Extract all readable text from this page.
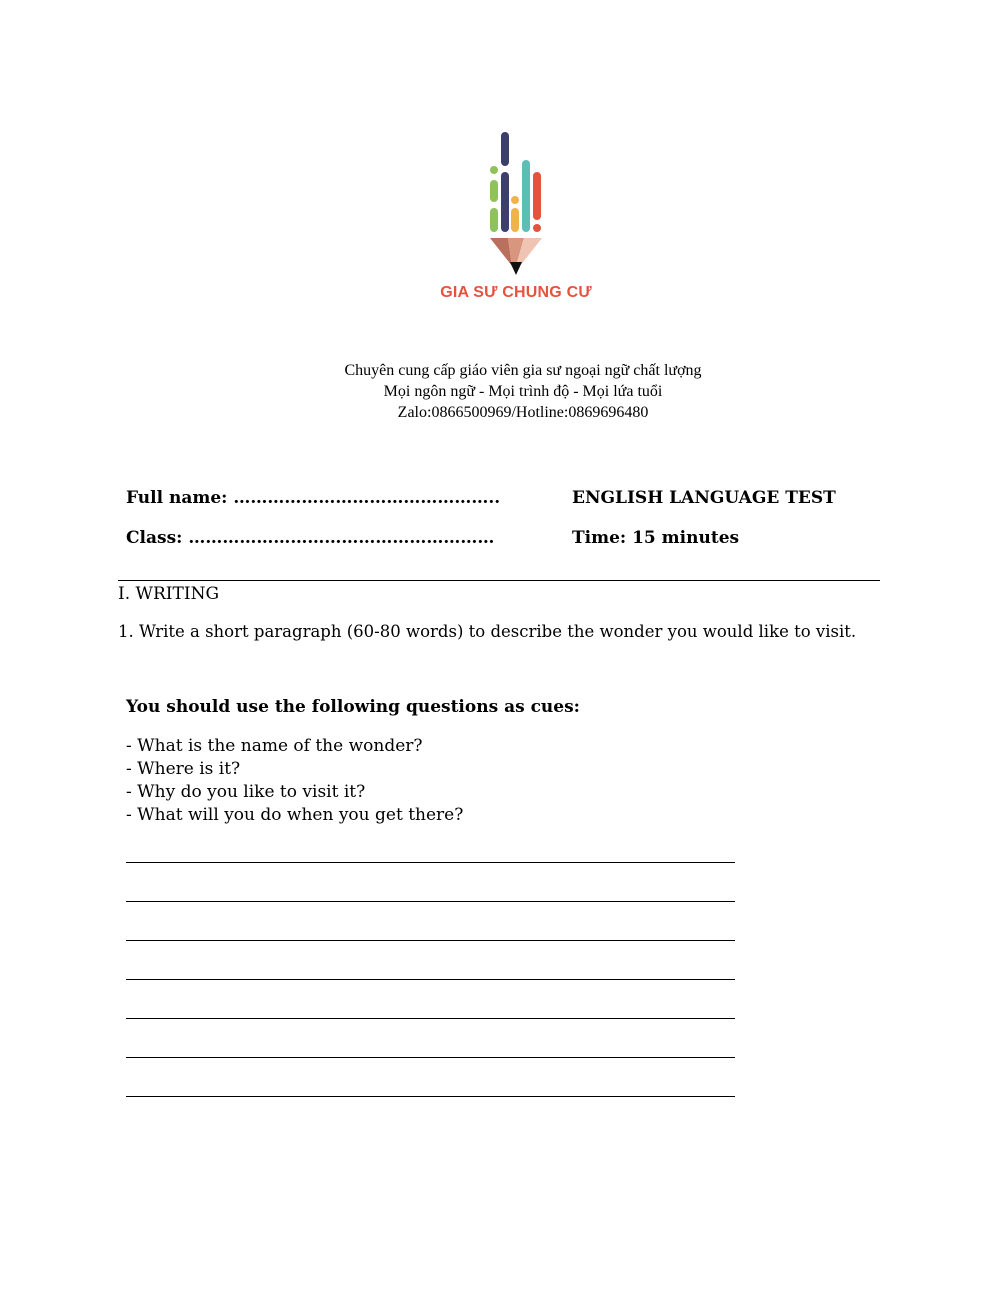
GIA SƯ CHUNG CƯ
Chuyên cung cấp giáo viên gia sư ngoại ngữ chất lượng
Mọi ngôn ngữ - Mọi trình độ - Mọi lứa tuổi
Zalo:0866500969/Hotline:0869696480
Full name: ………………………………………..
Class: ………………………………………………
ENGLISH LANGUAGE TEST
Time: 15 minutes
I. WRITING
1. Write a short paragraph (60-80 words) to describe the wonder you would like to visit.
You should use the following questions as cues:
- What is the name of the wonder?
- Where is it?
- Why do you like to visit it?
- What will you do when you get there?
